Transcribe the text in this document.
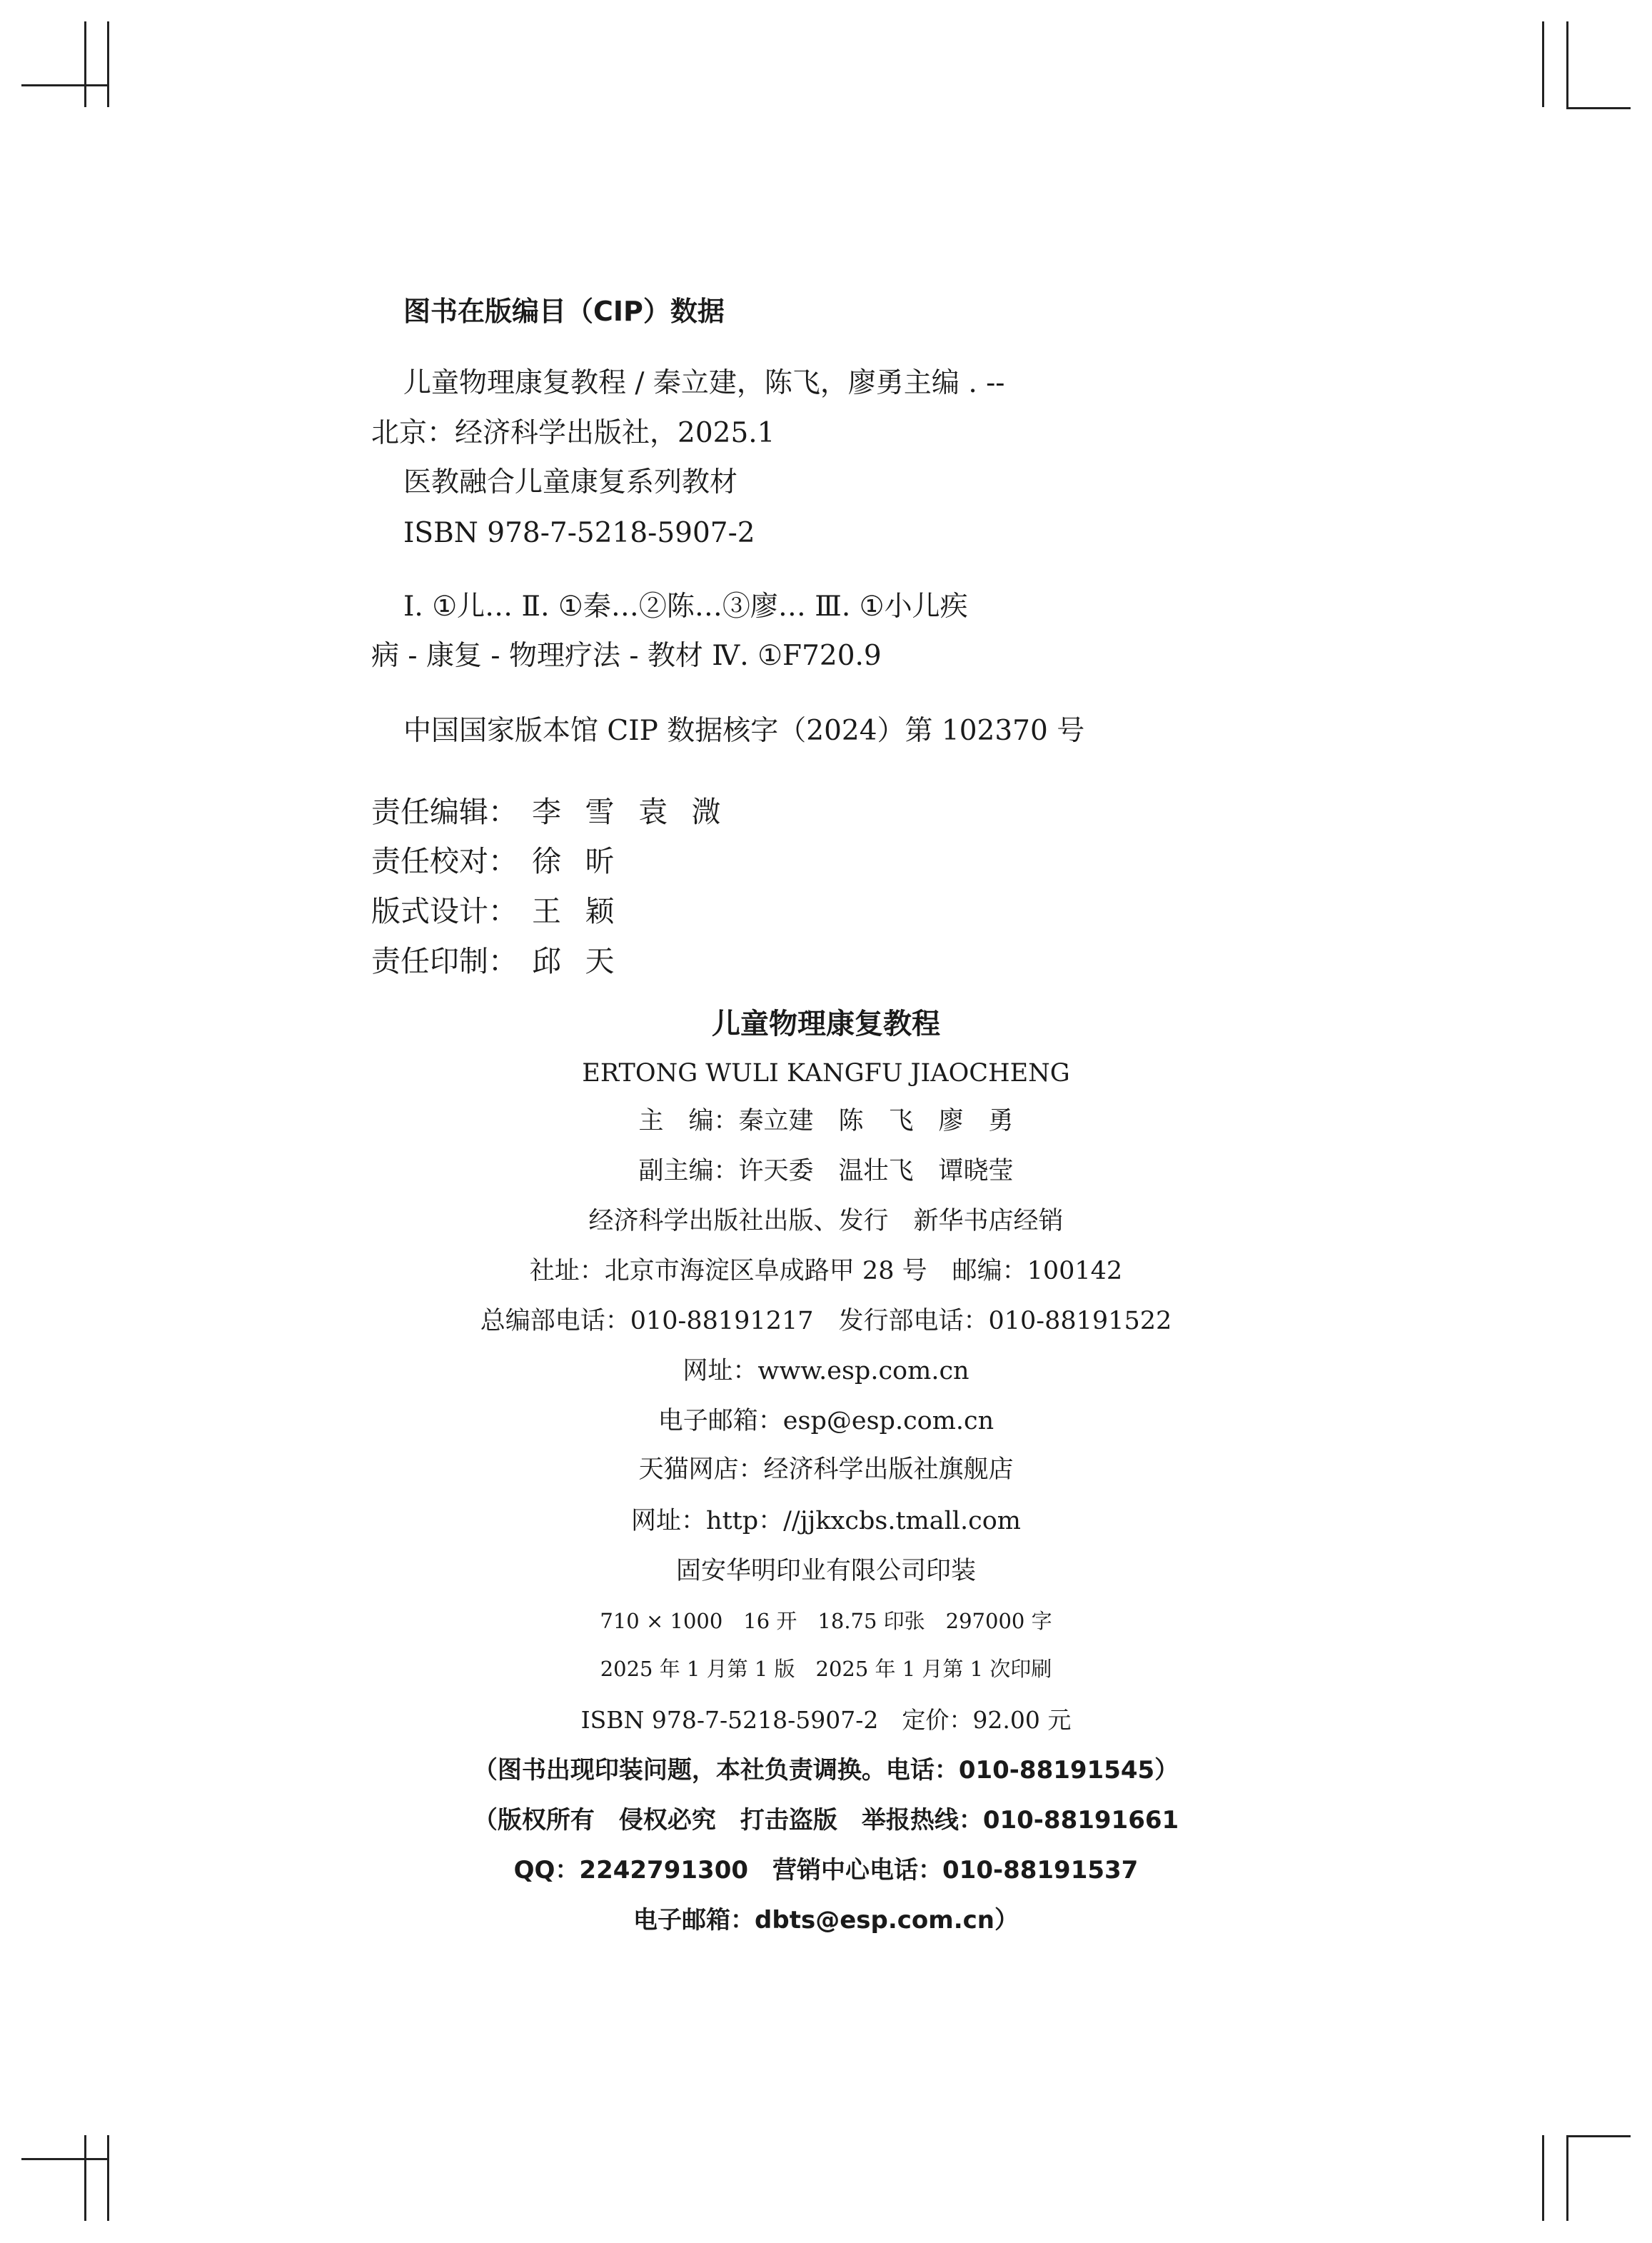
图书在版编目（CIP）数据
儿童物理康复教程 / 秦立建，陈飞，廖勇主编 . --
北京：经济科学出版社，2025.1
医教融合儿童康复系列教材
ISBN 978-7-5218-5907-2
Ⅰ. ①儿… Ⅱ. ①秦…②陈…③廖… Ⅲ. ①小儿疾
病 - 康复 - 物理疗法 - 教材 Ⅳ. ①F720.9
中国国家版本馆 CIP 数据核字（2024）第 102370 号
责任编辑： 李 雪 袁 溦
责任校对： 徐 昕
版式设计： 王 颖
责任印制： 邱 天
儿童物理康复教程
ERTONG WULI KANGFU JIAOCHENG
主　编：秦立建　陈　飞　廖　勇
副主编：许天委　温壮飞　谭晓莹
经济科学出版社出版、发行　新华书店经销
社址：北京市海淀区阜成路甲 28 号　邮编：100142
总编部电话：010-88191217　发行部电话：010-88191522
网址：www.esp.com.cn
电子邮箱：esp@esp.com.cn
天猫网店：经济科学出版社旗舰店
网址：http：//jjkxcbs.tmall.com
固安华明印业有限公司印装
710 × 1000　16 开　18.75 印张　297000 字
2025 年 1 月第 1 版　2025 年 1 月第 1 次印刷
ISBN 978-7-5218-5907-2　定价：92.00 元
（图书出现印装问题，本社负责调换。电话：010-88191545）
（版权所有　侵权必究　打击盗版　举报热线：010-88191661
QQ：2242791300　营销中心电话：010-88191537
电子邮箱：dbts@esp.com.cn）
